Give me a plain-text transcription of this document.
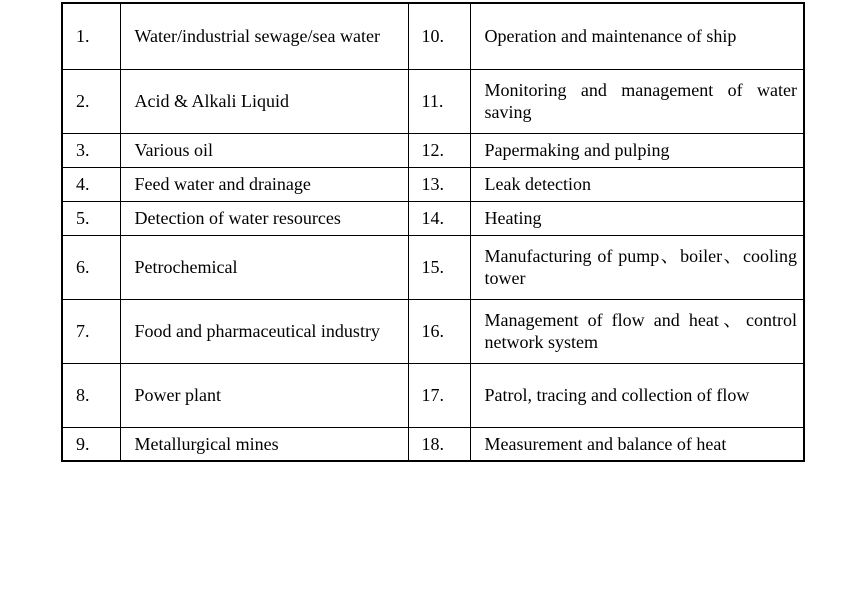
1.	Water/industrial sewage/sea water	10.	Operation and maintenance of ship
2.	Acid & Alkali Liquid	11.	Monitoring and management of water saving
3.	Various oil	12.	Papermaking and pulping
4.	Feed water and drainage	13.	Leak detection
5.	Detection of water resources	14.	Heating
6.	Petrochemical	15.	Manufacturing of pump、boiler、cooling tower
7.	Food and pharmaceutical industry	16.	Management of flow and heat、control network system
8.	Power plant	17.	Patrol, tracing and collection of flow
9.	Metallurgical mines	18.	Measurement and balance of heat
